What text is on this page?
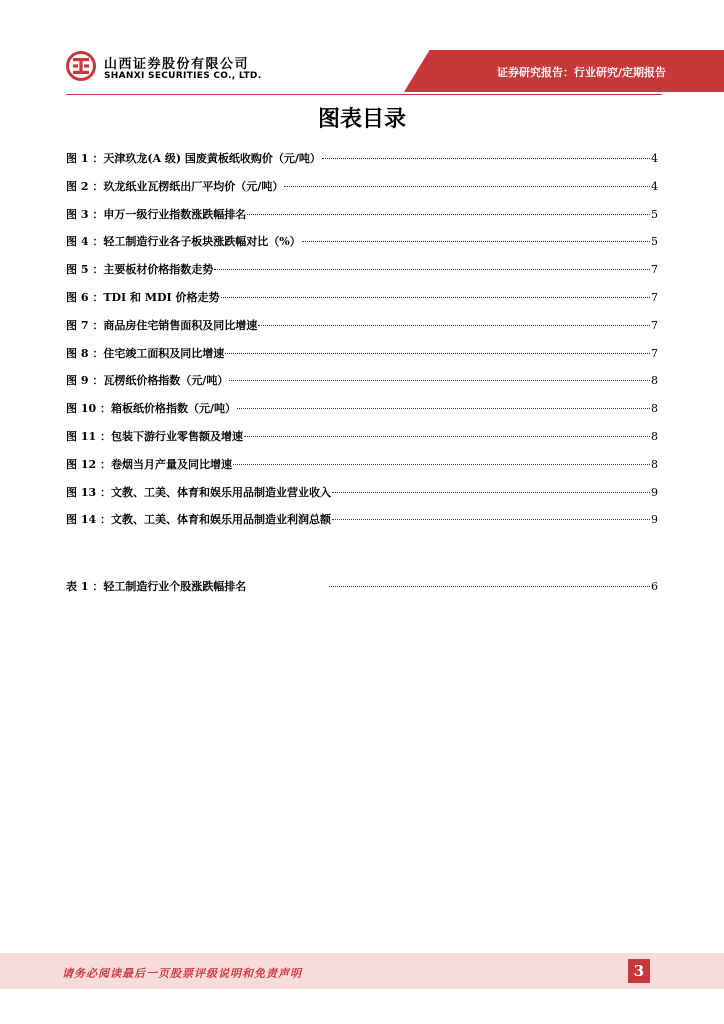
山西证券股份有限公司
SHANXI SECURITIES CO., LTD.	证券研究报告：行业研究/定期报告
图表目录
图 1 ：天津玖龙(A 级) 国废黄板纸收购价（元/吨）	4
图 2 ：玖龙纸业瓦楞纸出厂平均价（元/吨）	4
图 3 ：申万一级行业指数涨跌幅排名	5
图 4 ：轻工制造行业各子板块涨跌幅对比（%）	5
图 5 ：主要板材价格指数走势	7
图 6 ：TDI 和 MDI 价格走势	7
图 7 ：商品房住宅销售面积及同比增速	7
图 8 ：住宅竣工面积及同比增速	7
图 9 ：瓦楞纸价格指数（元/吨）	8
图 10 ：箱板纸价格指数（元/吨）	8
图 11 ：包装下游行业零售额及增速	8
图 12 ：卷烟当月产量及同比增速	8
图 13 ：文教、工美、体育和娱乐用品制造业营业收入	9
图 14 ：文教、工美、体育和娱乐用品制造业利润总额	9
表 1 ：轻工制造行业个股涨跌幅排名	6
请务必阅读最后一页股票评级说明和免责声明	3
